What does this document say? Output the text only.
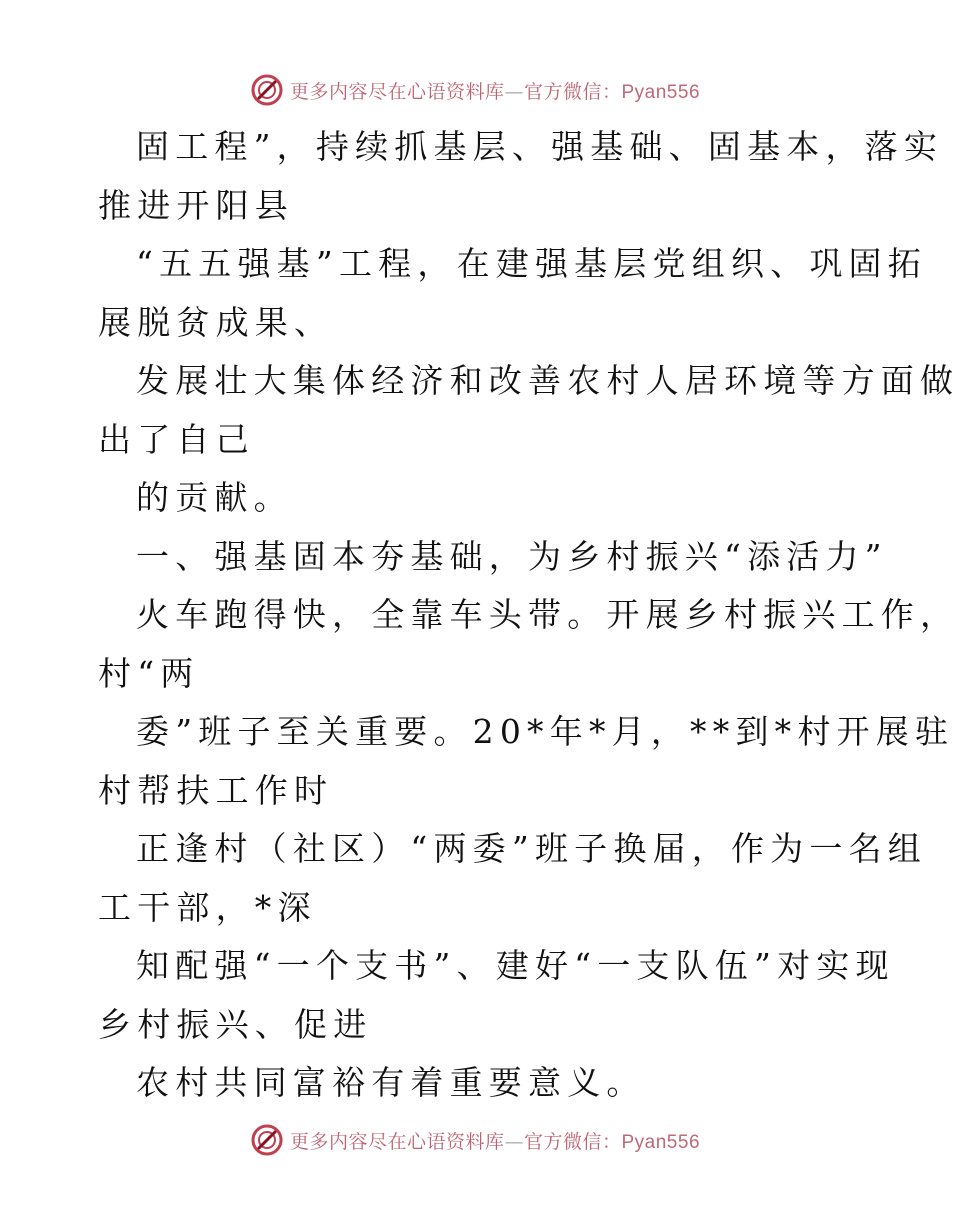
更多内容尽在心语资料库—官方微信：Pyan556
固工程”，持续抓基层、强基础、固基本，落实
推进开阳县
“五五强基”工程，在建强基层党组织、巩固拓
展脱贫成果、
发展壮大集体经济和改善农村人居环境等方面做
出了自己
的贡献。
一、强基固本夯基础，为乡村振兴“添活力”
火车跑得快，全靠车头带。开展乡村振兴工作，
村“两
委”班子至关重要。20*年*月，**到*村开展驻
村帮扶工作时
正逢村（社区）“两委”班子换届，作为一名组
工干部，*深
知配强“一个支书”、建好“一支队伍”对实现
乡村振兴、促进
农村共同富裕有着重要意义。
更多内容尽在心语资料库—官方微信：Pyan556
